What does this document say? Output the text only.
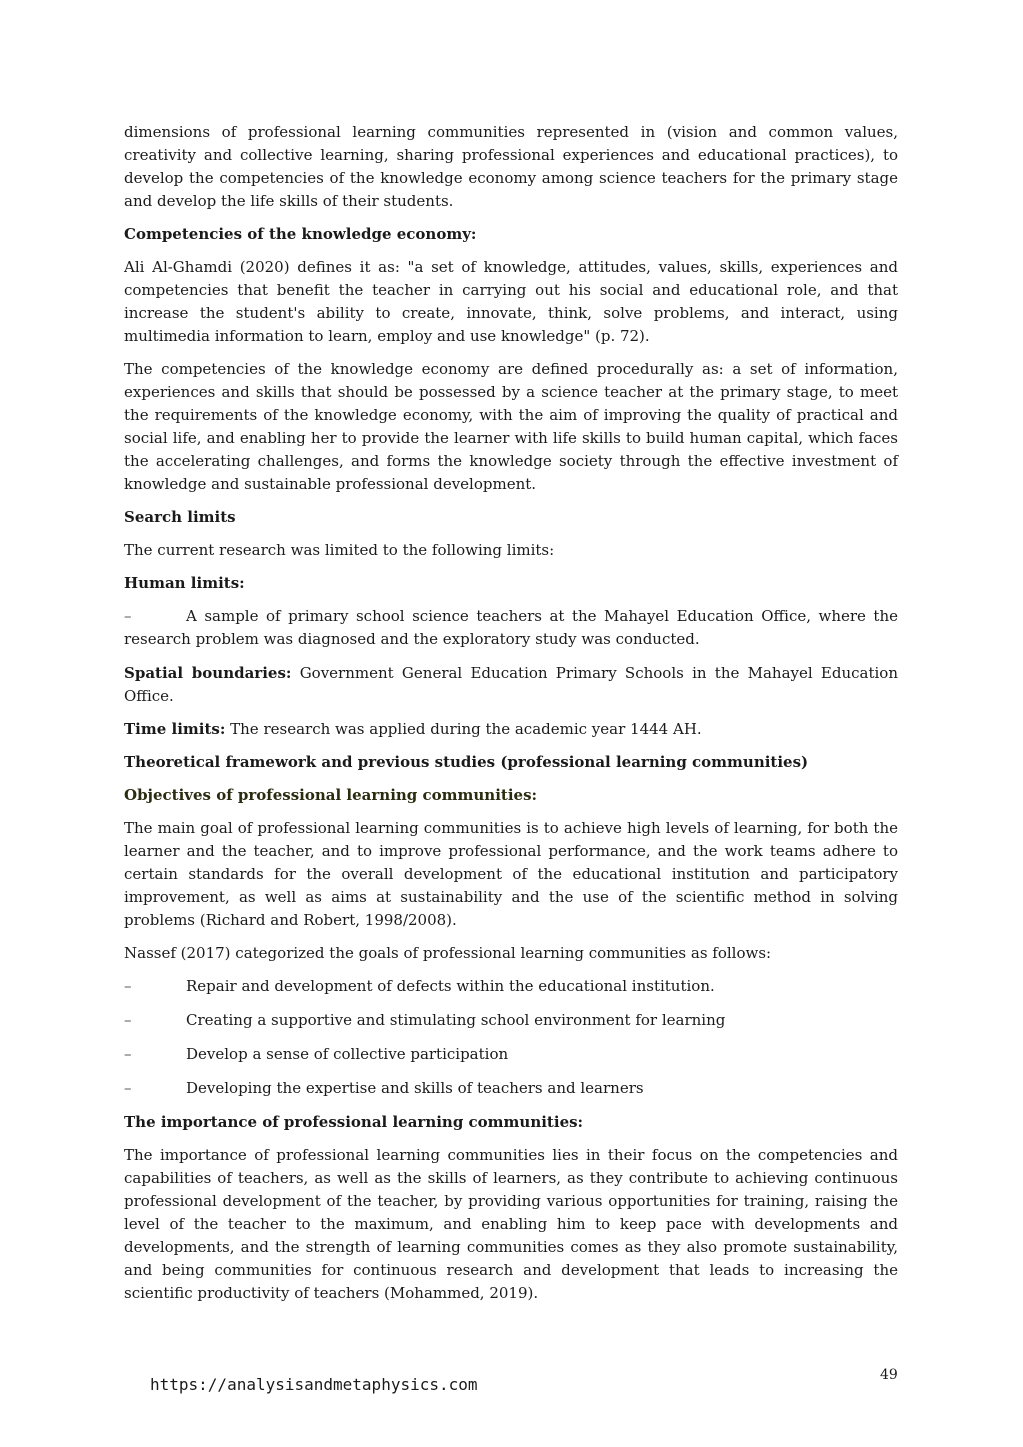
dimensions of professional learning communities represented in (vision and common values, creativity and collective learning, sharing professional experiences and educational practices), to develop the competencies of the knowledge economy among science teachers for the primary stage and develop the life skills of their students.

Competencies of the knowledge economy:

Ali Al-Ghamdi (2020) defines it as: "a set of knowledge, attitudes, values, skills, experiences and competencies that benefit the teacher in carrying out his social and educational role, and that increase the student's ability to create, innovate, think, solve problems, and interact, using multimedia information to learn, employ and use knowledge" (p. 72).

The competencies of the knowledge economy are defined procedurally as: a set of information, experiences and skills that should be possessed by a science teacher at the primary stage, to meet the requirements of the knowledge economy, with the aim of improving the quality of practical and social life, and enabling her to provide the learner with life skills to build human capital, which faces the accelerating challenges, and forms the knowledge society through the effective investment of knowledge and sustainable professional development.

Search limits

The current research was limited to the following limits:

Human limits:

–	A sample of primary school science teachers at the Mahayel Education Office, where the research problem was diagnosed and the exploratory study was conducted.

Spatial boundaries: Government General Education Primary Schools in the Mahayel Education Office.

Time limits: The research was applied during the academic year 1444 AH.

Theoretical framework and previous studies (professional learning communities)
Objectives of professional learning communities:

The main goal of professional learning communities is to achieve high levels of learning, for both the learner and the teacher, and to improve professional performance, and the work teams adhere to certain standards for the overall development of the educational institution and participatory improvement, as well as aims at sustainability and the use of the scientific method in solving problems (Richard and Robert, 1998/2008).

Nassef (2017) categorized the goals of professional learning communities as follows:

–	Repair and development of defects within the educational institution.
–	Creating a supportive and stimulating school environment for learning
–	Develop a sense of collective participation
–	Developing the expertise and skills of teachers and learners
The importance of professional learning communities:

The importance of professional learning communities lies in their focus on the competencies and capabilities of teachers, as well as the skills of learners, as they contribute to achieving continuous professional development of the teacher, by providing various opportunities for training, raising the level of the teacher to the maximum, and enabling him to keep pace with developments and developments, and the strength of learning communities comes as they also promote sustainability, and being communities for continuous research and development that leads to increasing the scientific productivity of teachers (Mohammed, 2019).

https://analysisandmetaphysics.com	49
